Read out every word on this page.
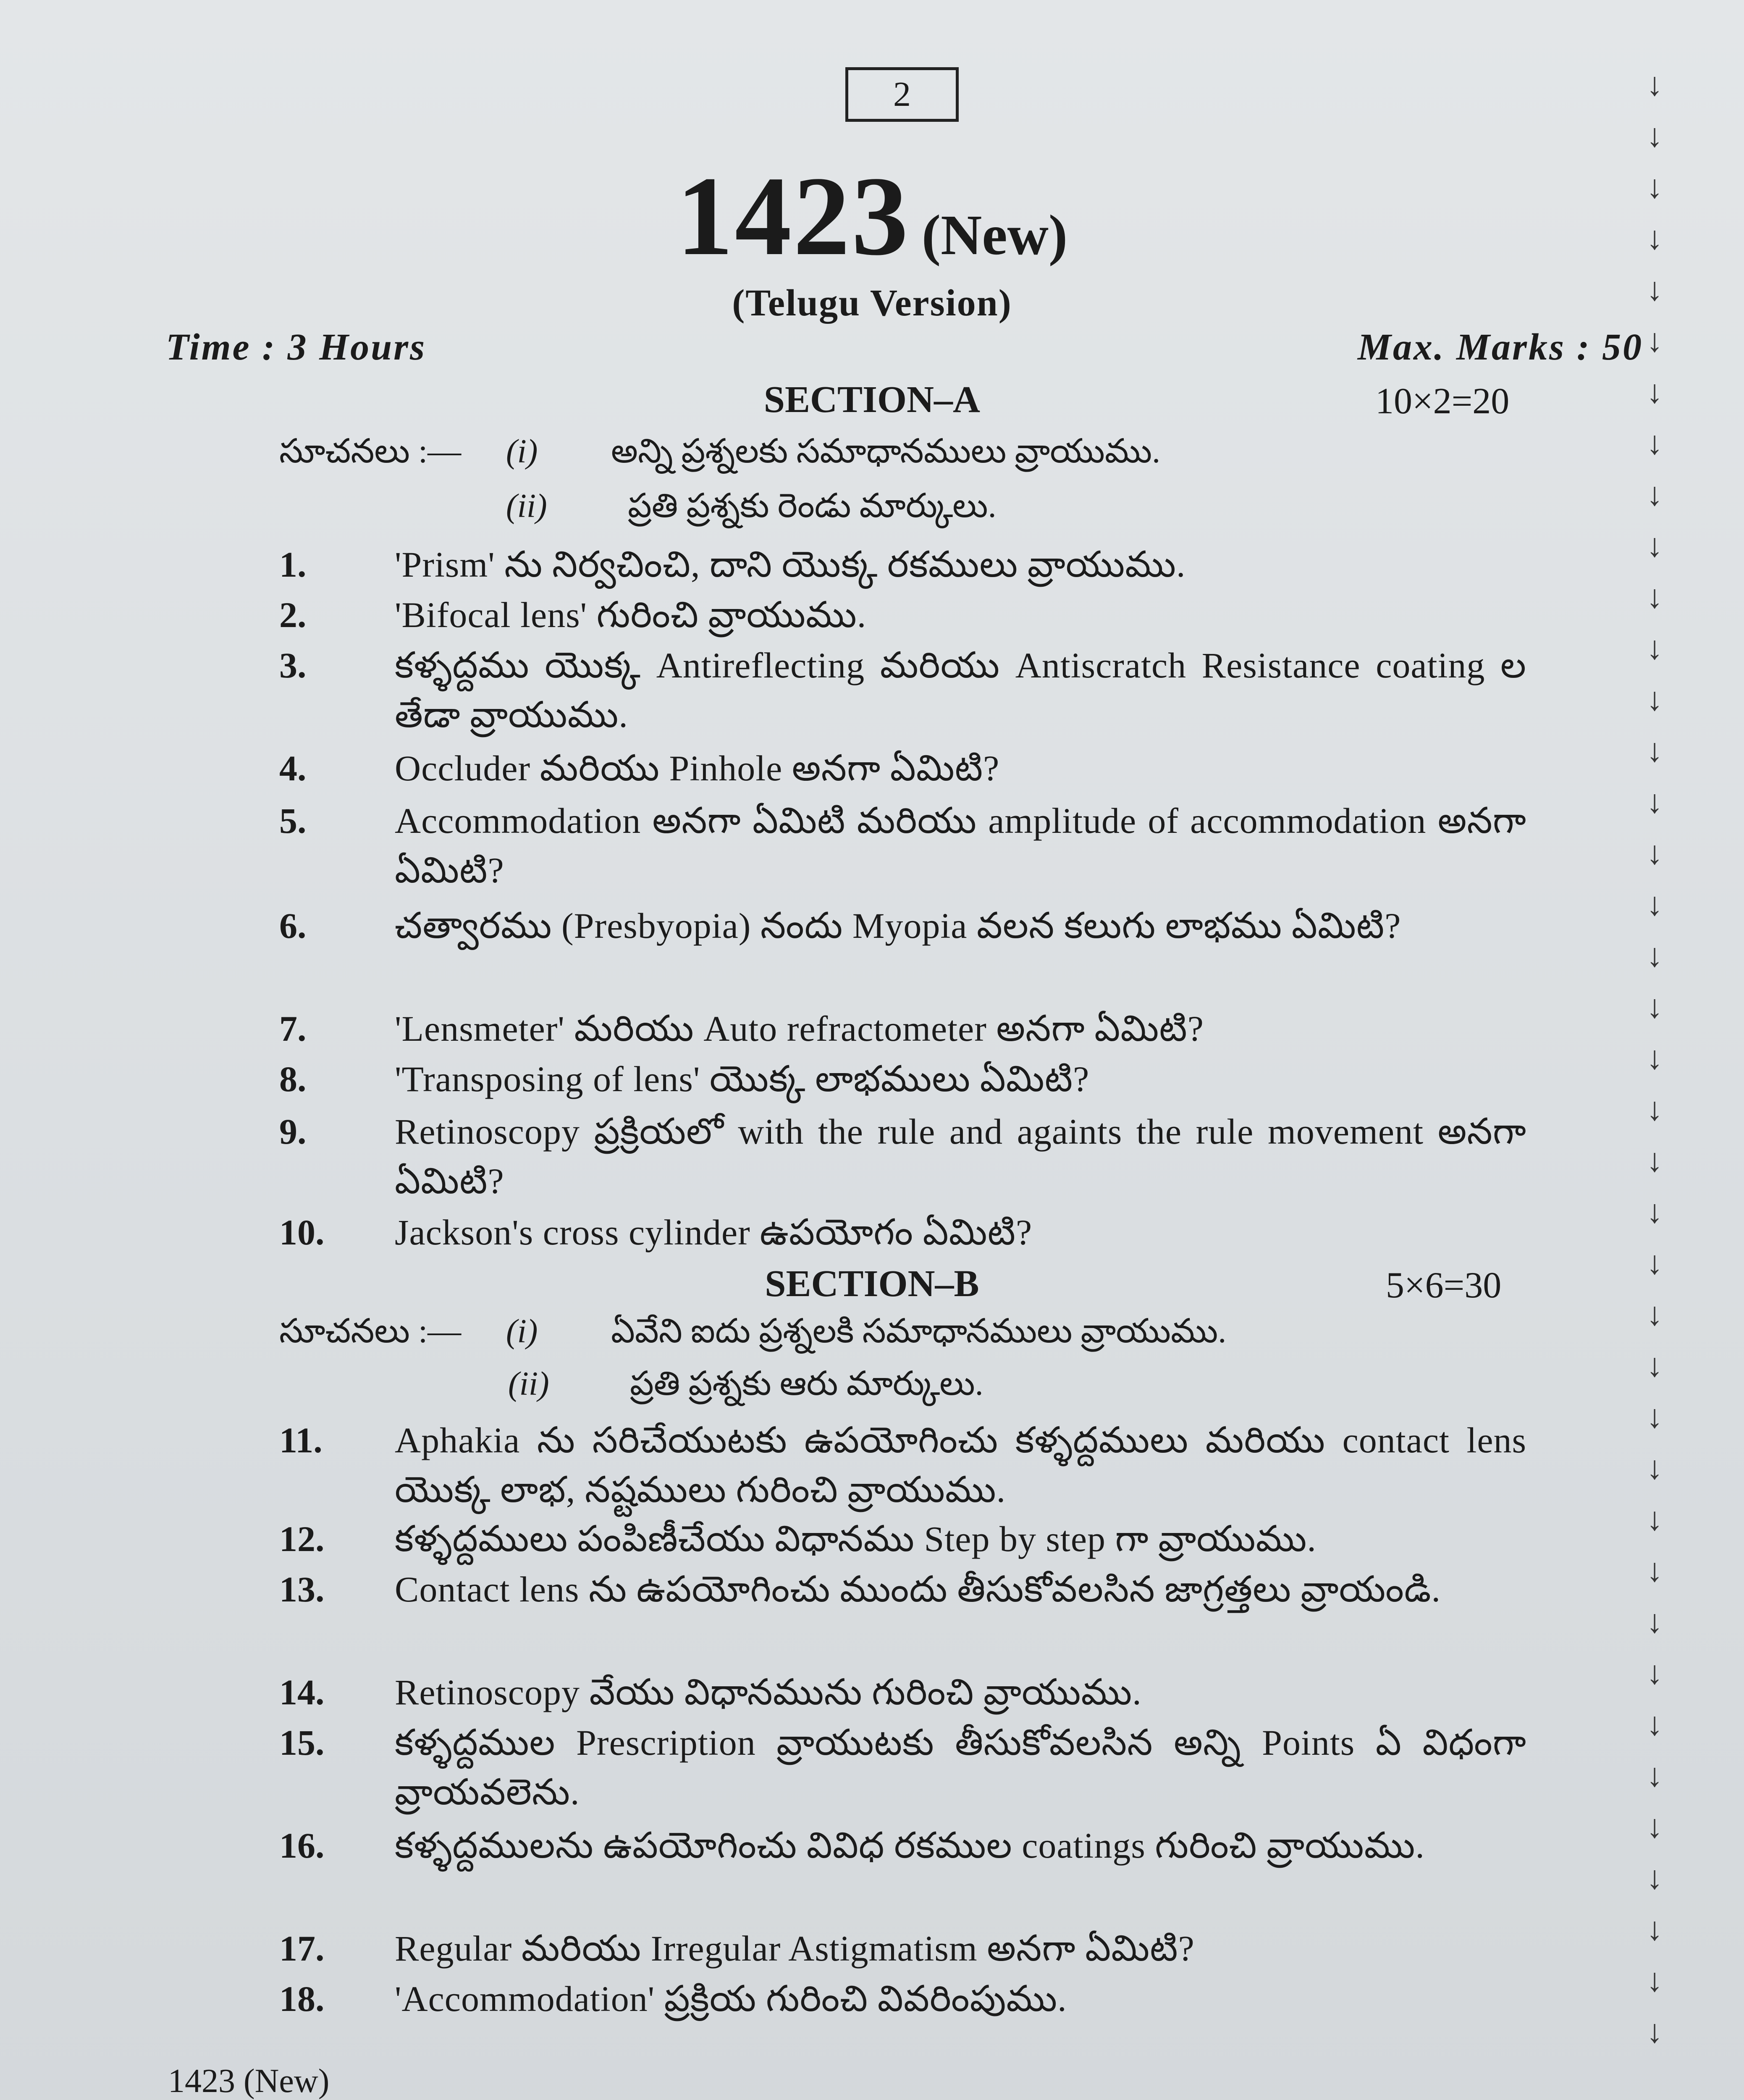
2
1423 (New)
(Telugu Version)
Time : 3 Hours	Max. Marks : 50
SECTION–A	10×2=20
సూచనలు :— (i) అన్ని ప్రశ్నలకు సమాధానములు వ్రాయుము.
(ii) ప్రతి ప్రశ్నకు రెండు మార్కులు.
1. 'Prism' ను నిర్వచించి, దాని యొక్క రకములు వ్రాయుము.
2. 'Bifocal lens' గురించి వ్రాయుము.
3. కళ్ళద్దము యొక్క Antireflecting మరియు Antiscratch Resistance coating ల తేడా వ్రాయుము.
4. Occluder మరియు Pinhole అనగా ఏమిటి?
5. Accommodation అనగా ఏమిటి మరియు amplitude of accommodation అనగా ఏమిటి?
6. చత్వారము (Presbyopia) నందు Myopia వలన కలుగు లాభము ఏమిటి?
7. 'Lensmeter' మరియు Auto refractometer అనగా ఏమిటి?
8. 'Transposing of lens' యొక్క లాభములు ఏమిటి?
9. Retinoscopy ప్రక్రియలో with the rule and againts the rule movement అనగా ఏమిటి?
10. Jackson's cross cylinder ఉపయోగం ఏమిటి?
SECTION–B	5×6=30
సూచనలు :— (i) ఏవేని ఐదు ప్రశ్నలకి సమాధానములు వ్రాయుము.
(ii) ప్రతి ప్రశ్నకు ఆరు మార్కులు.
11. Aphakia ను సరిచేయుటకు ఉపయోగించు కళ్ళద్దములు మరియు contact lens యొక్క లాభ, నష్టములు గురించి వ్రాయుము.
12. కళ్ళద్దములు పంపిణీచేయు విధానము Step by step గా వ్రాయుము.
13. Contact lens ను ఉపయోగించు ముందు తీసుకోవలసిన జాగ్రత్తలు వ్రాయండి.
14. Retinoscopy వేయు విధానమును గురించి వ్రాయుము.
15. కళ్ళద్దముల Prescription వ్రాయుటకు తీసుకోవలసిన అన్ని Points ఏ విధంగా వ్రాయవలెను.
16. కళ్ళద్దములను ఉపయోగించు వివిధ రకముల coatings గురించి వ్రాయుము.
17. Regular మరియు Irregular Astigmatism అనగా ఏమిటి?
18. 'Accommodation' ప్రక్రియ గురించి వివరింపుము.
1423 (New)
↓
↓
↓
↓
↓
↓
↓
↓
↓
↓
↓
↓
↓
↓
↓
↓
↓
↓
↓
↓
↓
↓
↓
↓
↓
↓
↓
↓
↓
↓
↓
↓
↓
↓
↓
↓
↓
↓
↓
